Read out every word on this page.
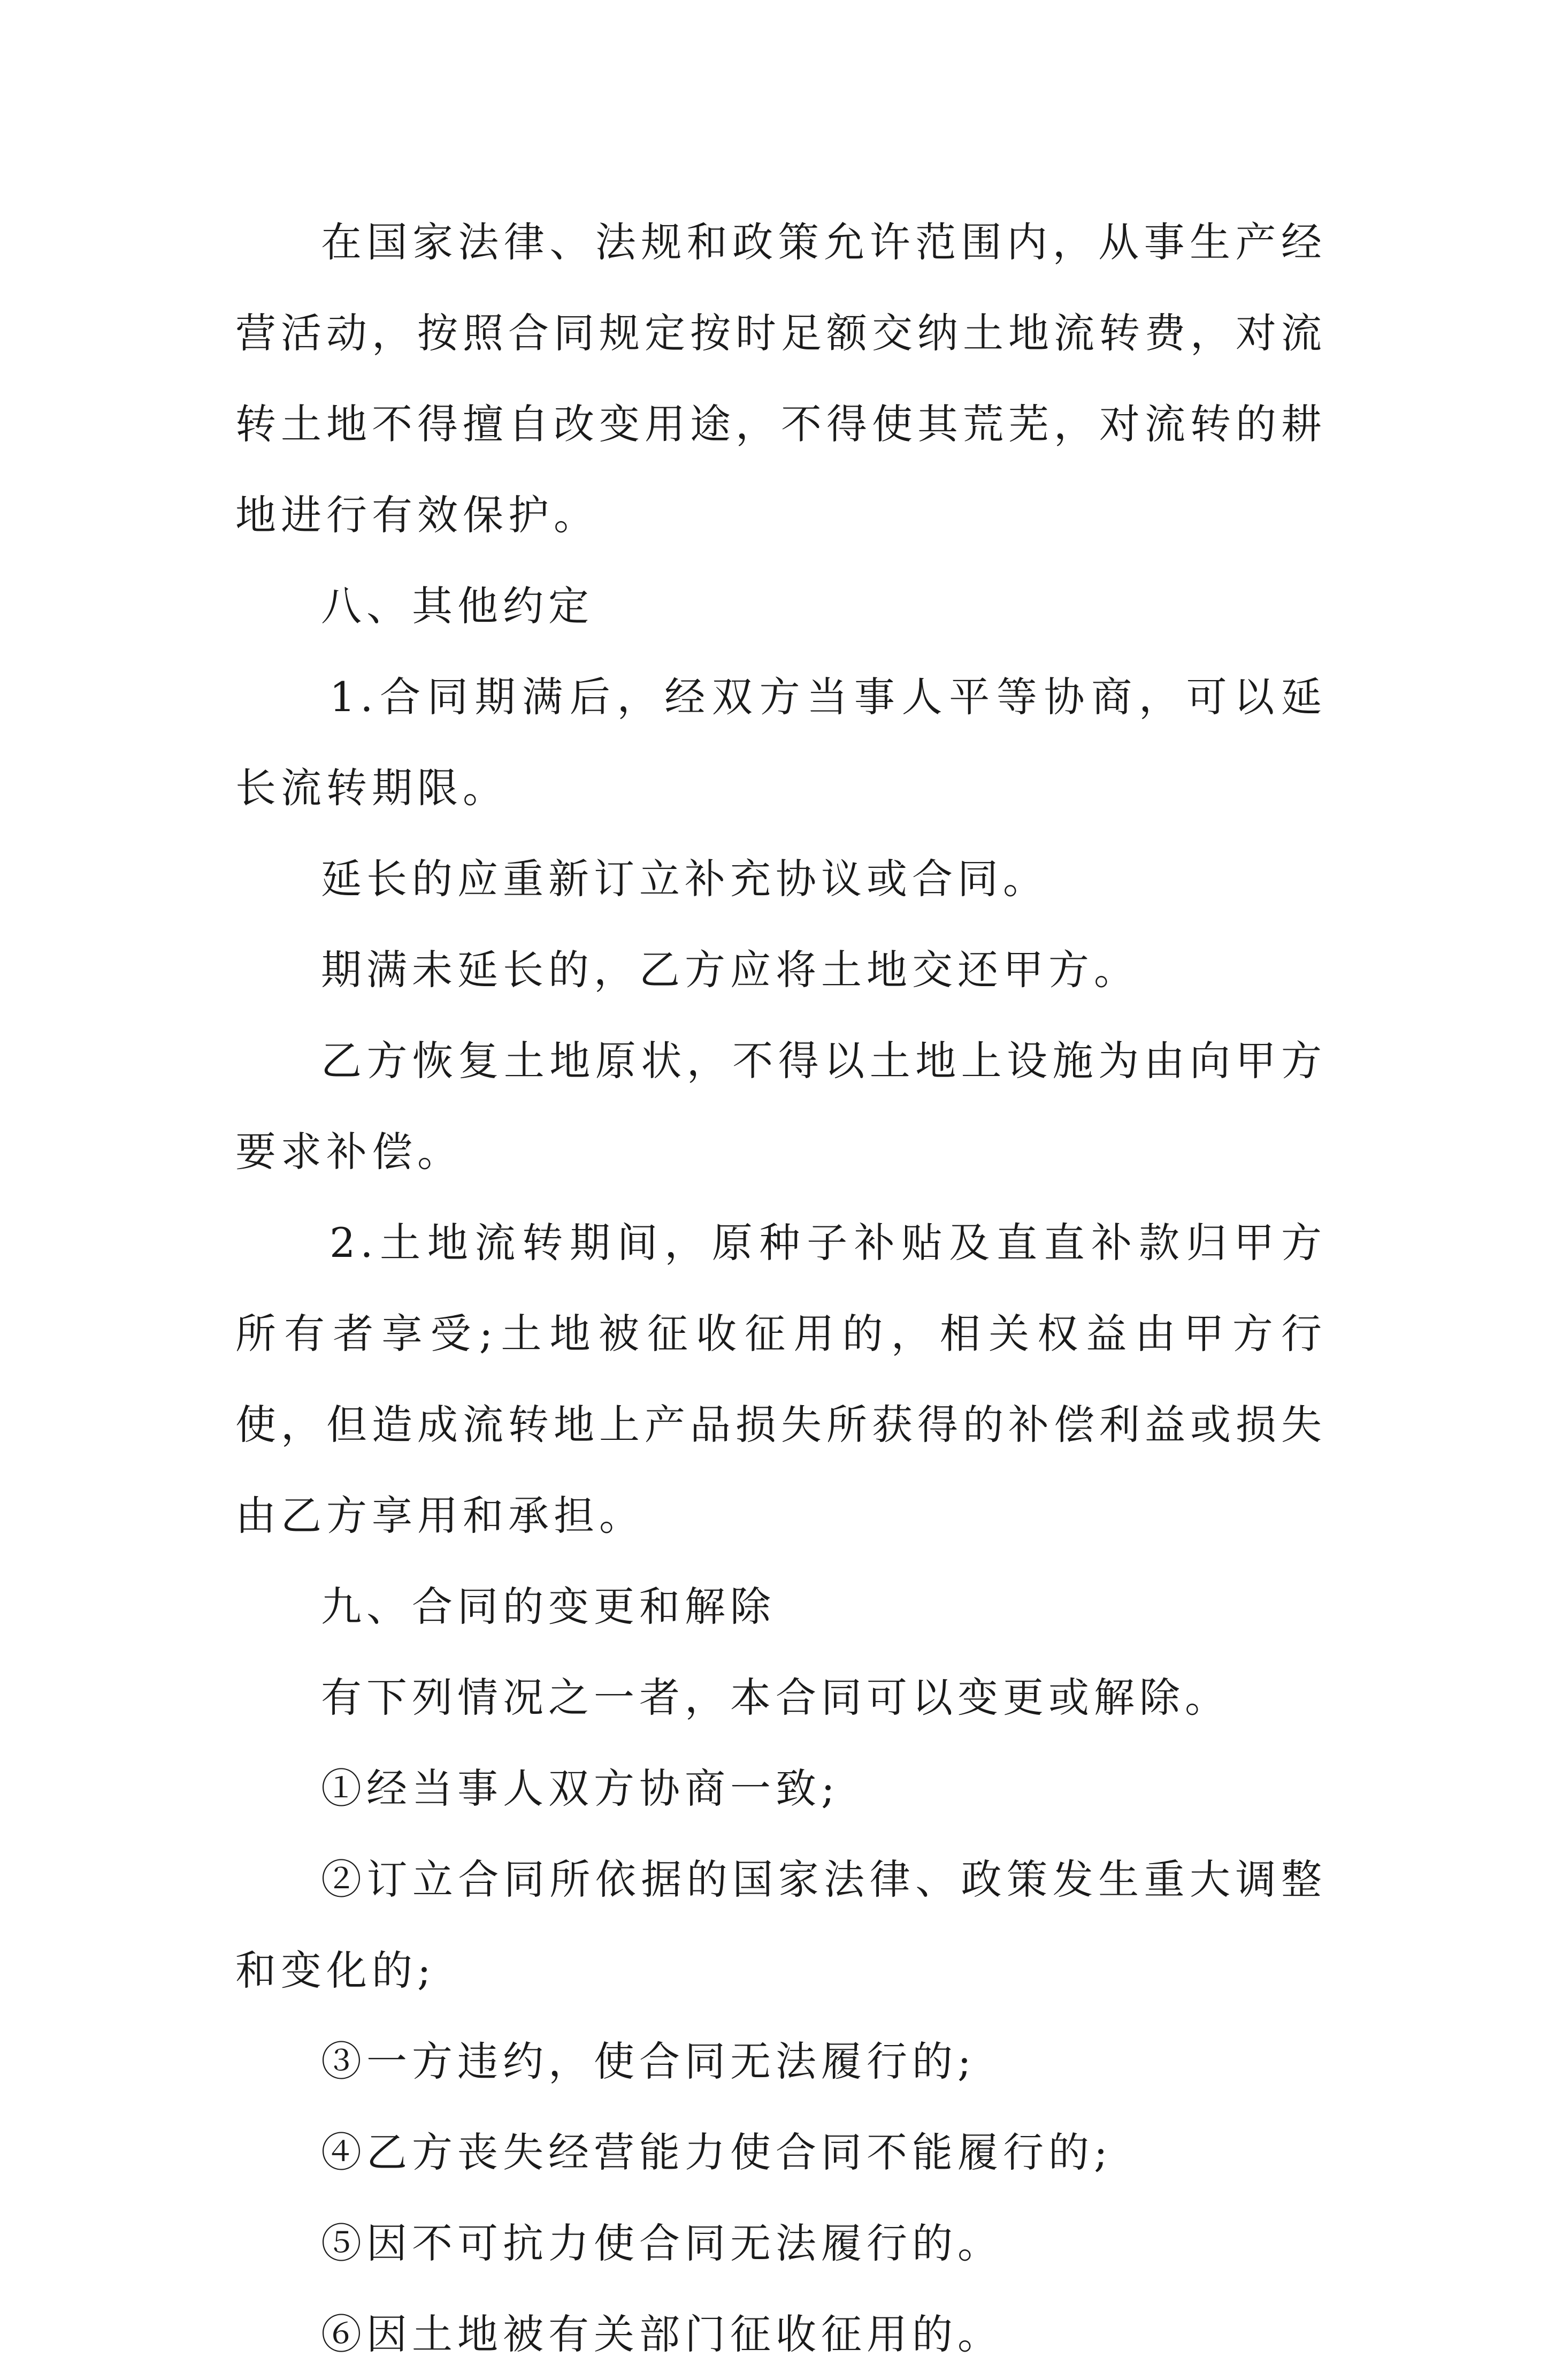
在国家法律、法规和政策允许范围内，从事生产经营活动，按照合同规定按时足额交纳土地流转费，对流转土地不得擅自改变用途，不得使其荒芜，对流转的耕地进行有效保护。

八、其他约定

1.合同期满后，经双方当事人平等协商，可以延长流转期限。

延长的应重新订立补充协议或合同。

期满未延长的，乙方应将土地交还甲方。

乙方恢复土地原状，不得以土地上设施为由向甲方要求补偿。

2.土地流转期间，原种子补贴及直直补款归甲方所有者享受;土地被征收征用的，相关权益由甲方行使，但造成流转地上产品损失所获得的补偿利益或损失由乙方享用和承担。

九、合同的变更和解除

有下列情况之一者，本合同可以变更或解除。

①经当事人双方协商一致;

②订立合同所依据的国家法律、政策发生重大调整和变化的;

③一方违约，使合同无法履行的;

④乙方丧失经营能力使合同不能履行的;

⑤因不可抗力使合同无法履行的。

⑥因土地被有关部门征收征用的。
